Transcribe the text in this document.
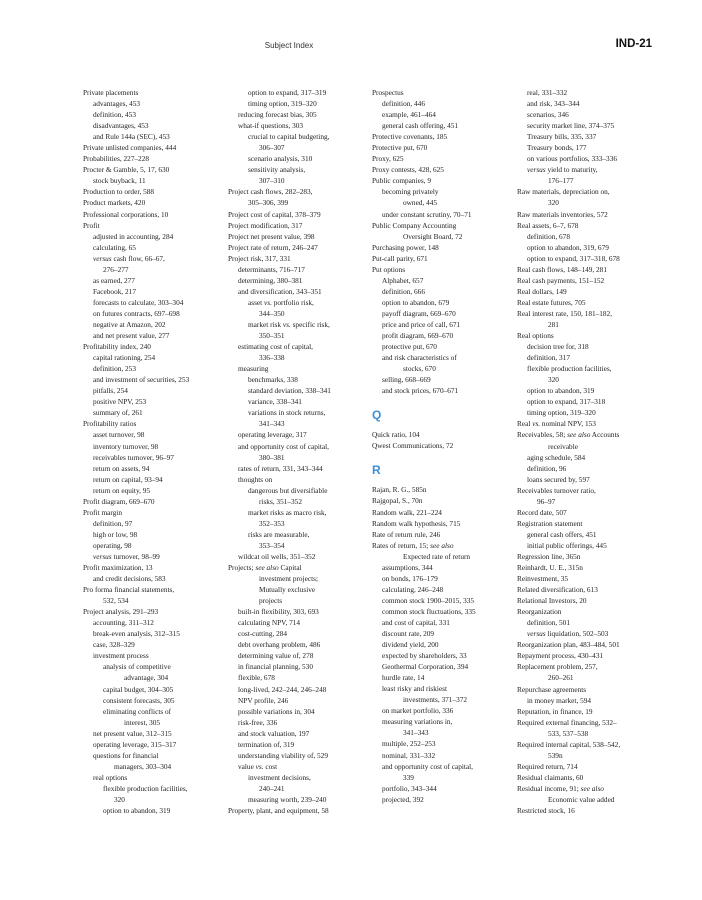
Subject Index	IND-21
Private placements
advantages, 453
definition, 453
disadvantages, 453
and Rule 144a (SEC), 453
Private unlisted companies, 444
Probabilities, 227–228
Procter & Gamble, 5, 17, 630
stock buyback, 11
Production to order, 588
Product markets, 420
Professional corporations, 10
Profit
adjusted in accounting, 284
calculating, 65
versus cash flow, 66–67,
276–277
as earned, 277
Facebook, 217
forecasts to calculate, 303–304
on futures contracts, 697–698
negative at Amazon, 202
and net present value, 277
Profitability index, 240
capital rationing, 254
definition, 253
and investment of securities, 253
pitfalls, 254
positive NPV, 253
summary of, 261
Profitability ratios
asset turnover, 98
inventory turnover, 98
receivables turnover, 96–97
return on assets, 94
return on capital, 93–94
return on equity, 95
Profit diagram, 669–670
Profit margin
definition, 97
high or low, 98
operating, 98
versus turnover, 98–99
Profit maximization, 13
and credit decisions, 583
Pro forma financial statements,
532, 534
Project analysis, 291–293
accounting, 311–312
break-even analysis, 312–315
case, 328–329
investment process
analysis of competitive
advantage, 304
capital budget, 304–305
consistent forecasts, 305
eliminating conflicts of
interest, 305
net present value, 312–315
operating leverage, 315–317
questions for financial
managers, 303–304
real options
flexible production facilities,
320
option to abandon, 319
option to expand, 317–319
timing option, 319–320
reducing forecast bias, 305
what-if questions, 303
crucial to capital budgeting,
306–307
scenario analysis, 310
sensitivity analysis,
307–310
Project cash flows, 282–283,
305–306, 399
Project cost of capital, 378–379
Project modification, 317
Project net present value, 398
Project rate of return, 246–247
Project risk, 317, 331
determinants, 716–717
determining, 380–381
and diversification, 343–351
asset vs. portfolio risk,
344–350
market risk vs. specific risk,
350–351
estimating cost of capital,
336–338
measuring
benchmarks, 338
standard deviation, 338–341
variance, 338–341
variations in stock returns,
341–343
operating leverage, 317
and opportunity cost of capital,
380–381
rates of return, 331, 343–344
thoughts on
dangerous but diversifiable
risks, 351–352
market risks as macro risk,
352–353
risks are measurable,
353–354
wildcat oil wells, 351–352
Projects; see also Capital
investment projects;
Mutually exclusive
projects
built-in flexibility, 303, 693
calculating NPV, 714
cost-cutting, 284
debt overhang problem, 486
determining value of, 278
in financial planning, 530
flexible, 678
long-lived, 242–244, 246–248
NPV profile, 246
possible variations in, 304
risk-free, 336
and stock valuation, 197
termination of, 319
understanding viability of, 529
value vs. cost
investment decisions,
240–241
measuring worth, 239–240
Property, plant, and equipment, 58
Prospectus
definition, 446
example, 461–464
general cash offering, 451
Protective covenants, 185
Protective put, 670
Proxy, 625
Proxy contests, 428, 625
Public companies, 9
becoming privately
owned, 445
under constant scrutiny, 70–71
Public Company Accounting
Oversight Board, 72
Purchasing power, 148
Put-call parity, 671
Put options
Alphabet, 657
definition, 666
option to abandon, 679
payoff diagram, 669–670
price and price of call, 671
profit diagram, 669–670
protective put, 670
and risk characteristics of
stocks, 670
selling, 668–669
and stock prices, 670–671
Q
Quick ratio, 104
Qwest Communications, 72
R
Rajan, R. G., 585n
Rajgopal, S., 70n
Random walk, 221–224
Random walk hypothesis, 715
Rate of return rule, 246
Rates of return, 15; see also
Expected rate of return
assumptions, 344
on bonds, 176–179
calculating, 246–248
common stock 1900–2015, 335
common stock fluctuations, 335
and cost of capital, 331
discount rate, 209
dividend yield, 200
expected by shareholders, 33
Geothermal Corporation, 394
hurdle rate, 14
least risky and riskiest
investments, 371–372
on market portfolio, 336
measuring variations in,
341–343
multiple, 252–253
nominal, 331–332
and opportunity cost of capital,
339
portfolio, 343–344
projected, 392
real, 331–332
and risk, 343–344
scenarios, 346
security market line, 374–375
Treasury bills, 335, 337
Treasury bonds, 177
on various portfolios, 333–336
versus yield to maturity,
176–177
Raw materials, depreciation on,
320
Raw materials inventories, 572
Real assets, 6–7, 678
definition, 678
option to abandon, 319, 679
option to expand, 317–318, 678
Real cash flows, 148–149, 281
Real cash payments, 151–152
Real dollars, 149
Real estate futures, 705
Real interest rate, 150, 181–182,
281
Real options
decision tree for, 318
definition, 317
flexible production facilities,
320
option to abandon, 319
option to expand, 317–318
timing option, 319–320
Real vs. nominal NPV, 153
Receivables, 58; see also Accounts
receivable
aging schedule, 584
definition, 96
loans secured by, 597
Receivables turnover ratio,
96–97
Record date, 507
Registration statement
general cash offers, 451
initial public offerings, 445
Regression line, 365n
Reinhardt, U. E., 315n
Reinvestment, 35
Related diversification, 613
Relational Investors, 20
Reorganization
definition, 501
versus liquidation, 502–503
Reorganization plan, 483–484, 501
Repayment process, 430–431
Replacement problem, 257,
260–261
Repurchase agreements
in money market, 594
Reputation, in finance, 19
Required external financing, 532–
533, 537–538
Required internal capital, 538–542,
539n
Required return, 714
Residual claimants, 60
Residual income, 91; see also
Economic value added
Restricted stock, 16
